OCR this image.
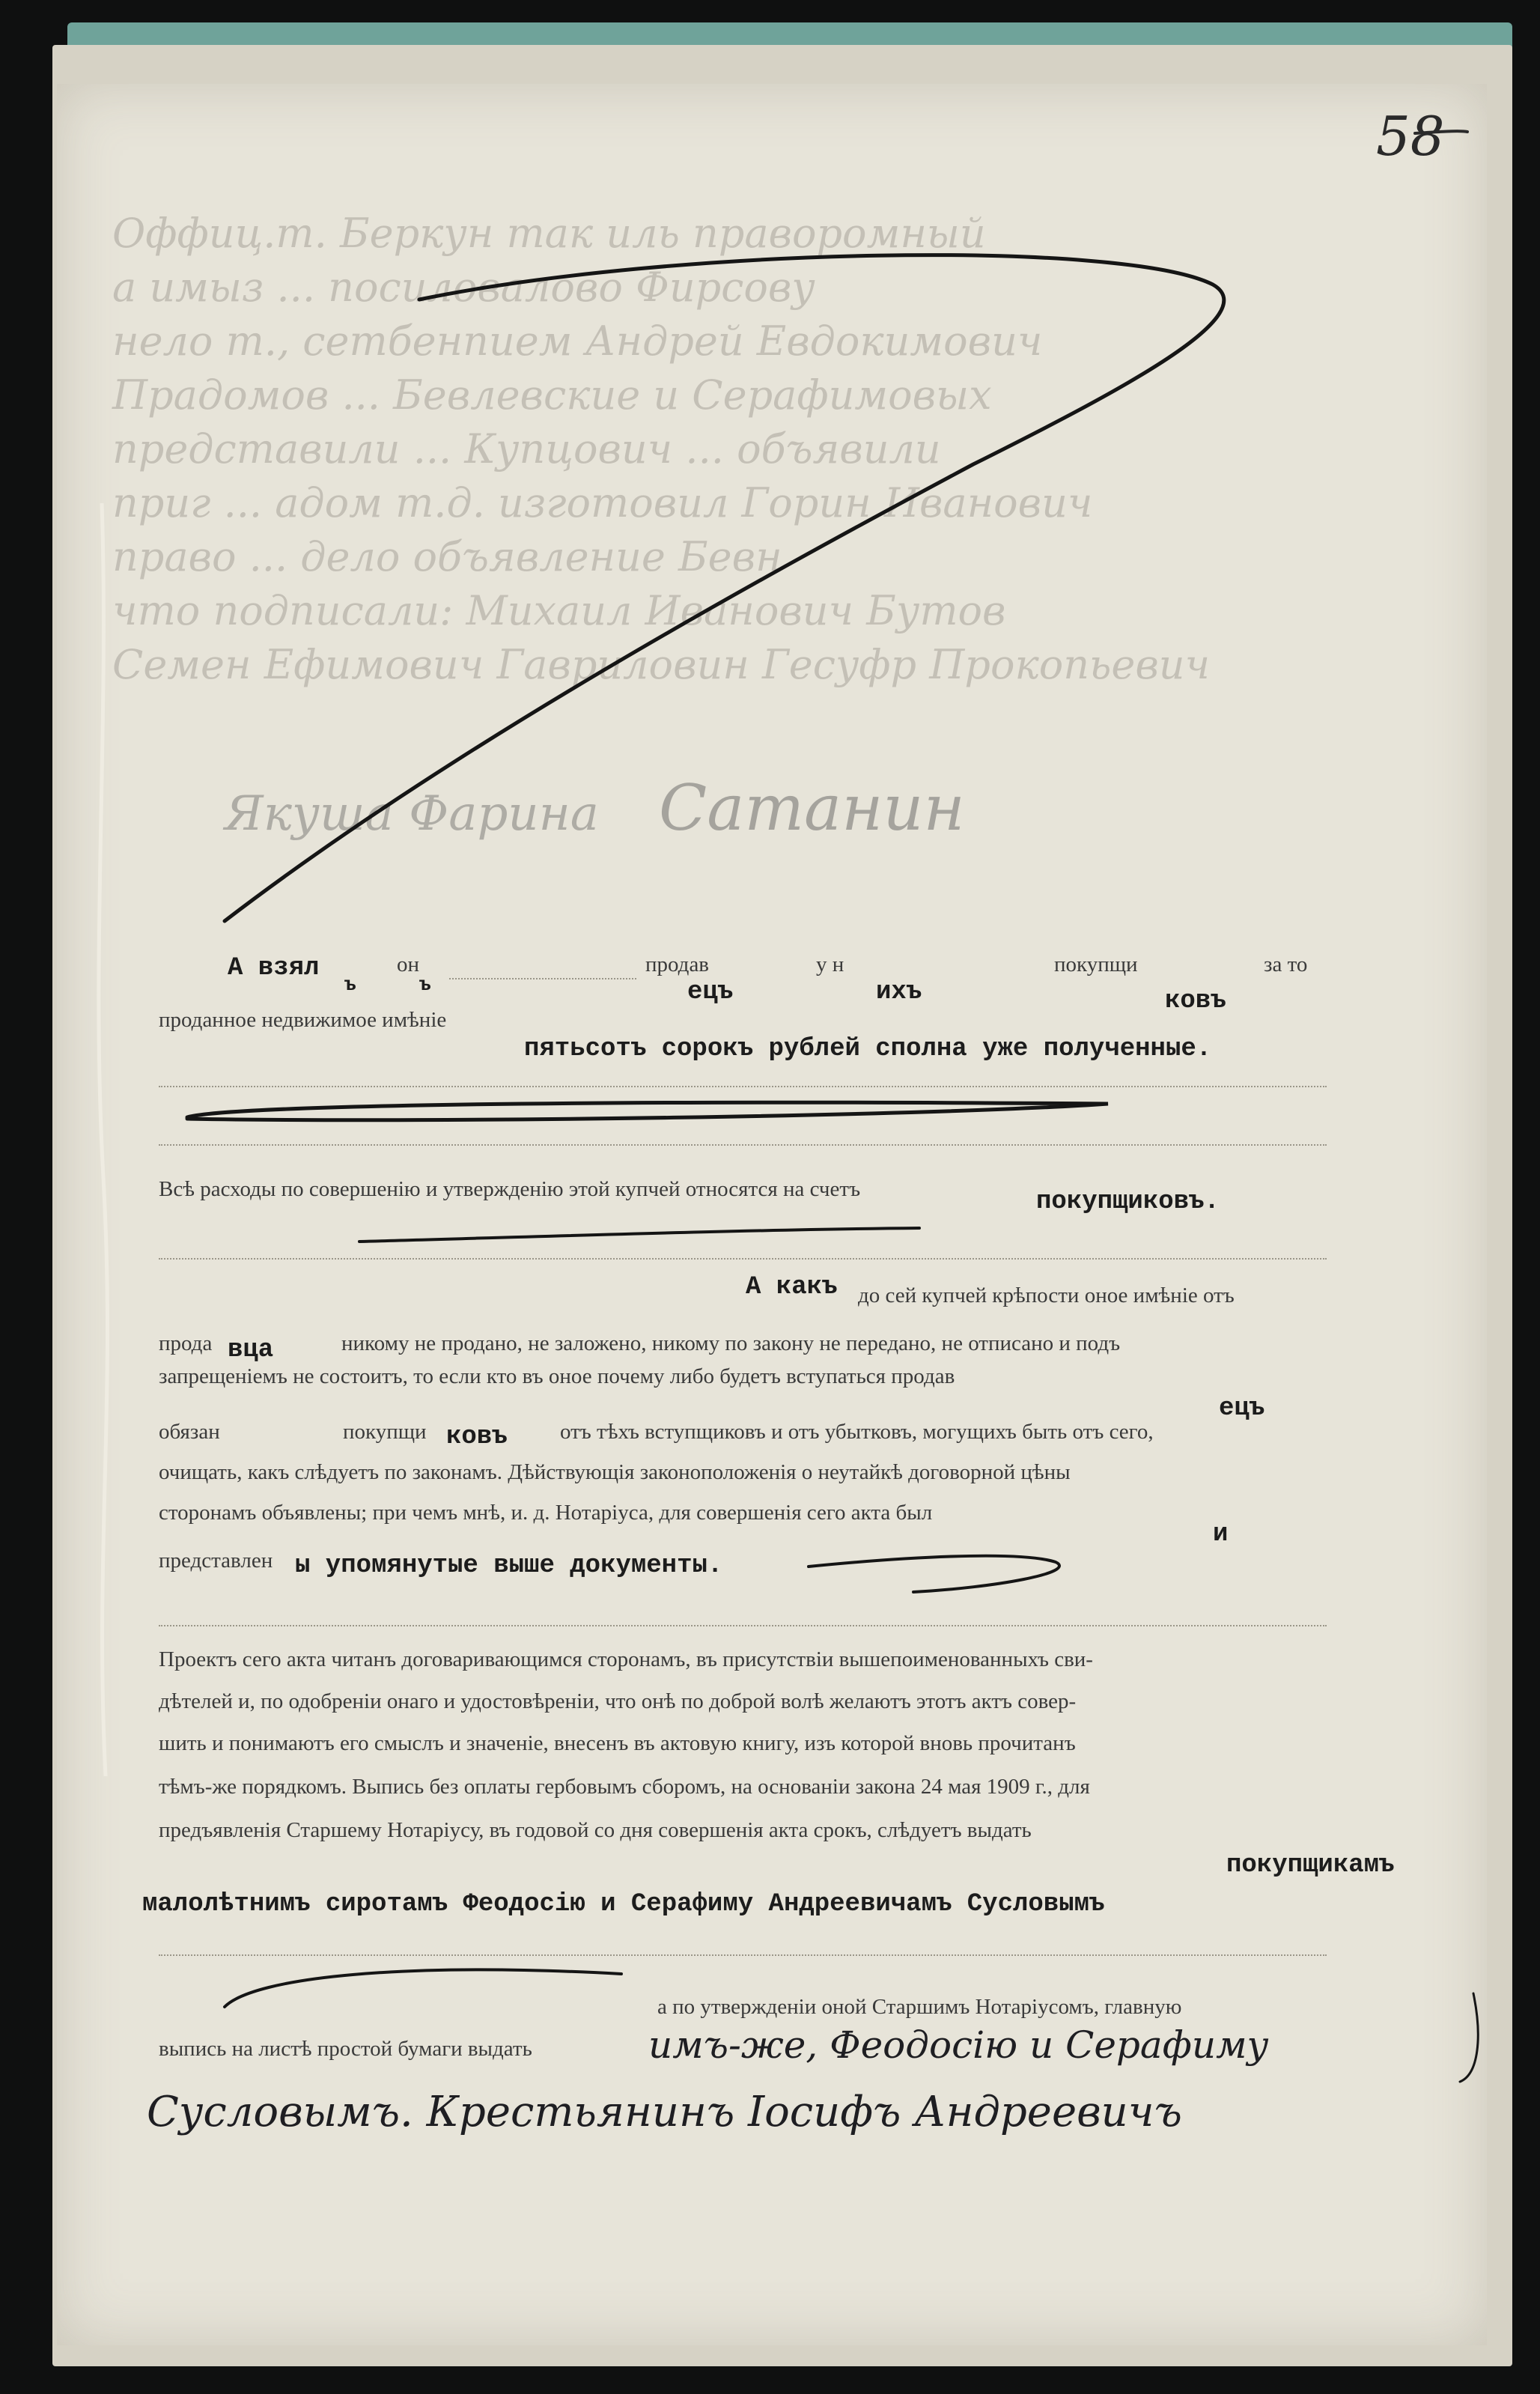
58
Оффиц.т. Беркун так иль праворомный
а имыз ... посиловалово Фирсову
нело т., сетбенпием Андрей Евдокимович
Прадомов ... Бевлевские и Серафимовых
представили ... Купцович ... объявили
приг ... адом т.д. изготовил Горин Иванович
право ... дело объявление Бевн
что подписали: Михаил Иванович Бутов
Семен Ефимович Гавриловин Гесуфр Прокопьевич
Якуша Фарина Сатанин
А взял
ъ
он
ъ
продав
ецъ
у н
ихъ
покупщи
ковъ
за то
проданное недвижимое имѣніе
пятьсотъ сорокъ рублей сполна уже полученные.
Всѣ расходы по совершенію и утвержденію этой купчей относятся на счетъ	покупщиковъ.
А какъ до сей купчей крѣпости оное имѣніе отъ
прода вца	никому не продано, не заложено, никому по закону не передано, не отписано и подъ
запрещеніемъ не состоитъ, то если кто въ оное почему либо будетъ вступаться продав
ецъ
обязан	покупщи ковъ отъ тѣхъ вступщиковъ и отъ убытковъ, могущихъ быть отъ сего,
очищать, какъ слѣдуетъ по законамъ. Дѣйствующія законоположенія о неутайкѣ договорной цѣны
сторонамъ объявлены; при чемъ мнѣ, и. д. Нотаріуса, для совершенія сего акта был
и
представлен ы упомянутые выше документы.
Проектъ сего акта читанъ договаривающимся сторонамъ, въ присутствіи вышепоименованныхъ сви-
дѣтелей и, по одобреніи онаго и удостовѣреніи, что онѣ по доброй волѣ желаютъ этотъ актъ совер-
шить и понимаютъ его смыслъ и значеніе, внесенъ въ актовую книгу, изъ которой вновь прочитанъ
тѣмъ-же порядкомъ. Выпись без оплаты гербовымъ сборомъ, на основаніи закона 24 мая 1909 г., для
предъявленія Старшему Нотаріусу, въ годовой со дня совершенія акта срокъ, слѣдуетъ выдать
покупщикамъ
малолѣтнимъ сиротамъ Феодосію и Серафиму Андреевичамъ Сусловымъ
а по утвержденіи оной Старшимъ Нотаріусомъ, главную
выпись на листѣ простой бумаги выдать	имъ-же, Феодосію и Серафиму
Сусловымъ. Крестьянинъ Іосифъ Андреевичъ
